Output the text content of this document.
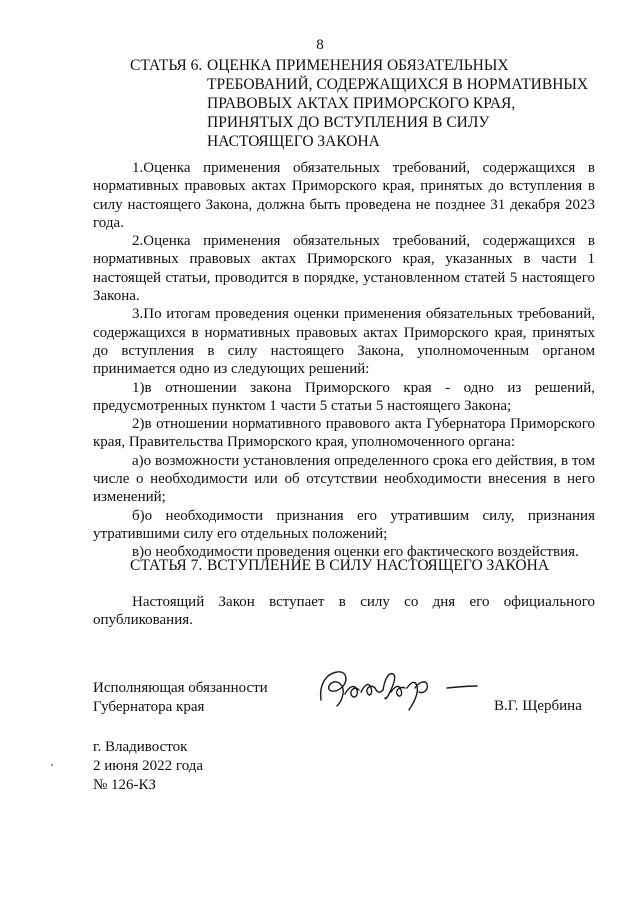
8
СТАТЬЯ 6. ОЦЕНКА ПРИМЕНЕНИЯ ОБЯЗАТЕЛЬНЫХ ТРЕБОВАНИЙ, СОДЕРЖАЩИХСЯ В НОРМАТИВНЫХ ПРАВОВЫХ АКТАХ ПРИМОРСКОГО КРАЯ, ПРИНЯТЫХ ДО ВСТУПЛЕНИЯ В СИЛУ НАСТОЯЩЕГО ЗАКОНА

1.Оценка применения обязательных требований, содержащихся в нормативных правовых актах Приморского края, принятых до вступления в силу настоящего Закона, должна быть проведена не позднее 31 декабря 2023 года.

2.Оценка применения обязательных требований, содержащихся в нормативных правовых актах Приморского края, указанных в части 1 настоящей статьи, проводится в порядке, установленном статей 5 настоящего Закона.

3.По итогам проведения оценки применения обязательных требований, содержащихся в нормативных правовых актах Приморского края, принятых до вступления в силу настоящего Закона, уполномоченным органом принимается одно из следующих решений:

1)в отношении закона Приморского края - одно из решений, предусмотренных пунктом 1 части 5 статьи 5 настоящего Закона;

2)в отношении нормативного правового акта Губернатора Приморского края, Правительства Приморского края, уполномоченного органа:

а)о возможности установления определенного срока его действия, в том числе о необходимости или об отсутствии необходимости внесения в него изменений;

б)о необходимости признания его утратившим силу, признания утратившими силу его отдельных положений;

в)о необходимости проведения оценки его фактического воздействия.

СТАТЬЯ 7. ВСТУПЛЕНИЕ В СИЛУ НАСТОЯЩЕГО ЗАКОНА

Настоящий Закон вступает в силу со дня его официального опубликования.

Исполняющая обязанности
Губернатора края	В.Г. Щербина
г. Владивосток
2 июня 2022 года
№ 126-КЗ
